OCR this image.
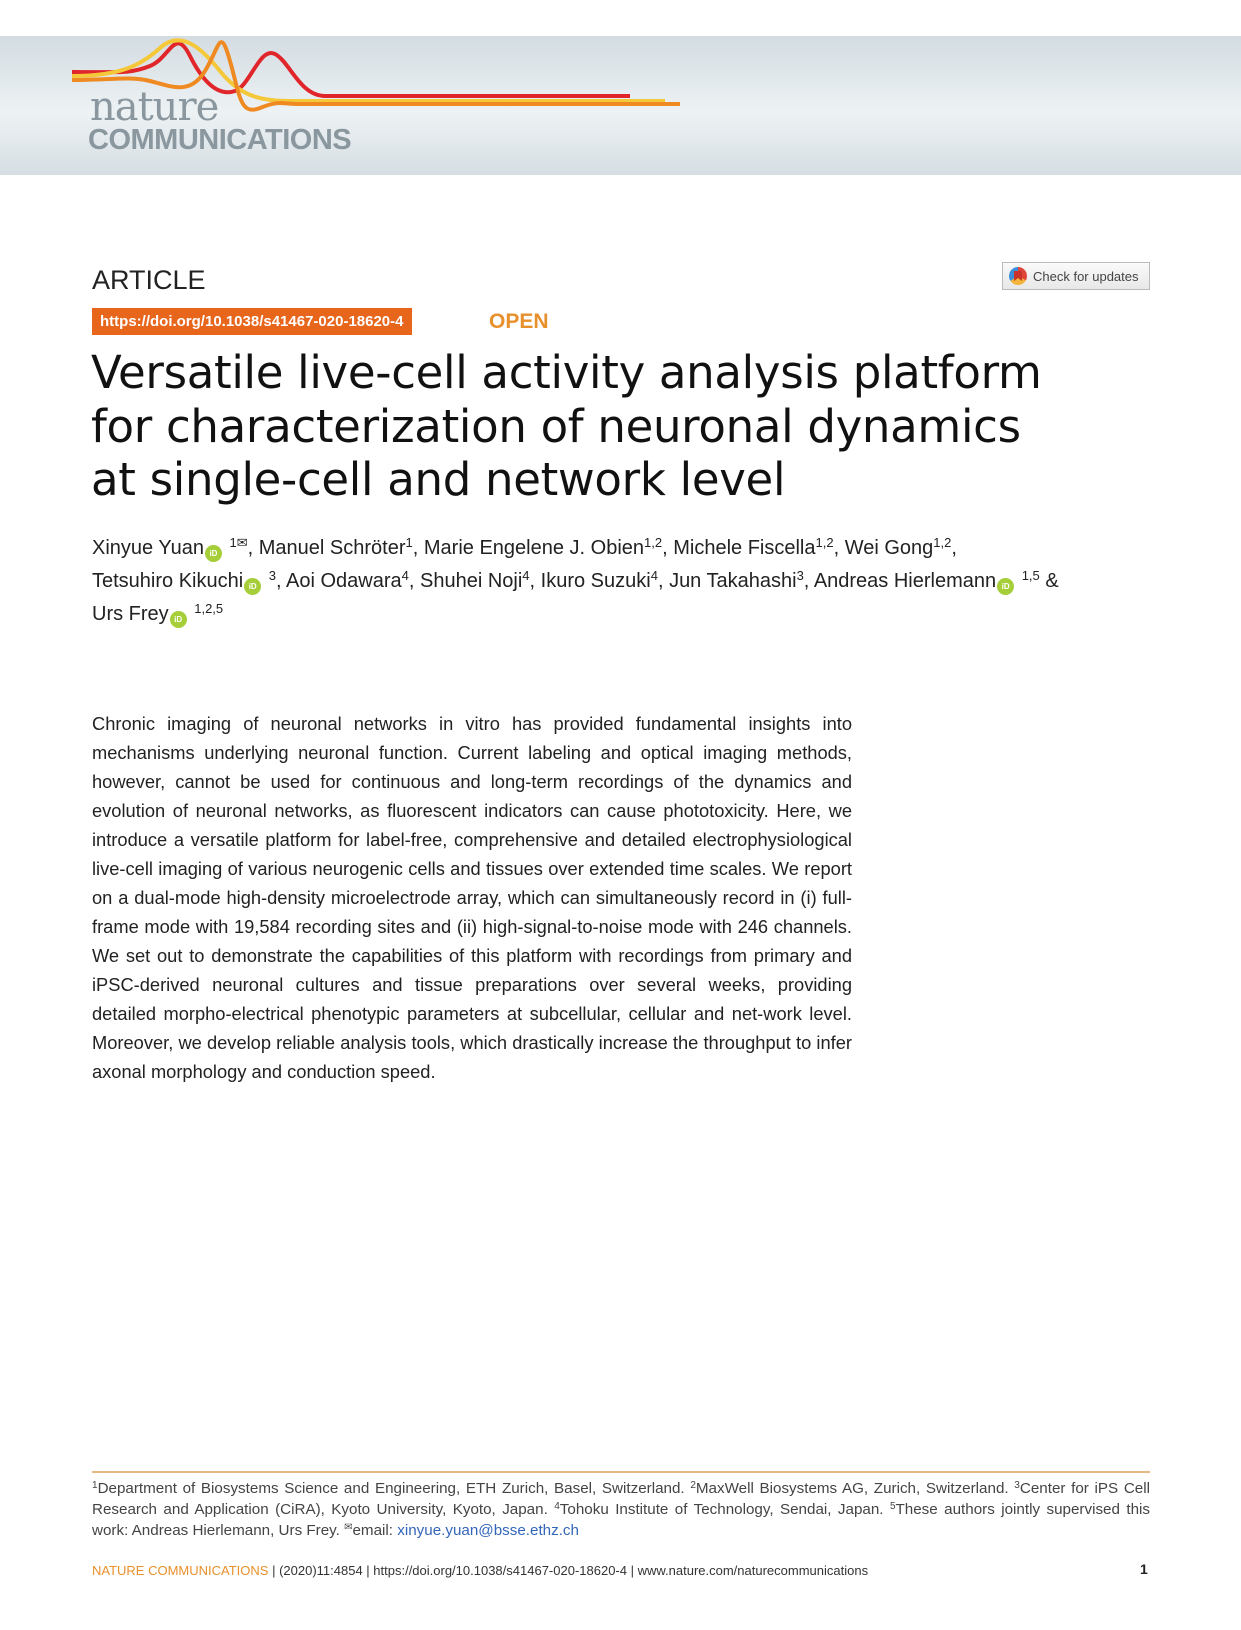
nature
COMMUNICATIONS
ARTICLE	Check for updates
https://doi.org/10.1038/s41467-020-18620-4	OPEN
Versatile live-cell activity analysis platform
for characterization of neuronal dynamics
at single-cell and network level
Xinyue Yuan iD $^{1✉}$, Manuel Schröter$^1$, Marie Engelene J. Obien$^{1,2}$, Michele Fiscella$^{1,2}$, Wei Gong$^{1,2}$,
Tetsuhiro Kikuchi iD $^3$, Aoi Odawara$^4$, Shuhei Noji$^4$, Ikuro Suzuki$^4$, Jun Takahashi$^3$, Andreas Hierlemann iD $^{1,5}$ &
Urs Frey iD $^{1,2,5}$

Chronic imaging of neuronal networks in vitro has provided fundamental insights into mechanisms underlying neuronal function. Current labeling and optical imaging methods, however, cannot be used for continuous and long-term recordings of the dynamics and evolution of neuronal networks, as fluorescent indicators can cause phototoxicity. Here, we introduce a versatile platform for label-free, comprehensive and detailed electrophysiological live-cell imaging of various neurogenic cells and tissues over extended time scales. We report on a dual-mode high-density microelectrode array, which can simultaneously record in (i) full-frame mode with 19,584 recording sites and (ii) high-signal-to-noise mode with 246 channels. We set out to demonstrate the capabilities of this platform with recordings from primary and iPSC-derived neuronal cultures and tissue preparations over several weeks, providing detailed morpho-electrical phenotypic parameters at subcellular, cellular and net-work level. Moreover, we develop reliable analysis tools, which drastically increase the throughput to infer axonal morphology and conduction speed.

$^1$Department of Biosystems Science and Engineering, ETH Zurich, Basel, Switzerland. $^2$MaxWell Biosystems AG, Zurich, Switzerland. $^3$Center for iPS Cell Research and Application (CiRA), Kyoto University, Kyoto, Japan. $^4$Tohoku Institute of Technology, Sendai, Japan. $^5$These authors jointly supervised this work: Andreas Hierlemann, Urs Frey. ✉email: xinyue.yuan@bsse.ethz.ch
NATURE COMMUNICATIONS | (2020)11:4854 | https://doi.org/10.1038/s41467-020-18620-4 | www.nature.com/naturecommunications	1
